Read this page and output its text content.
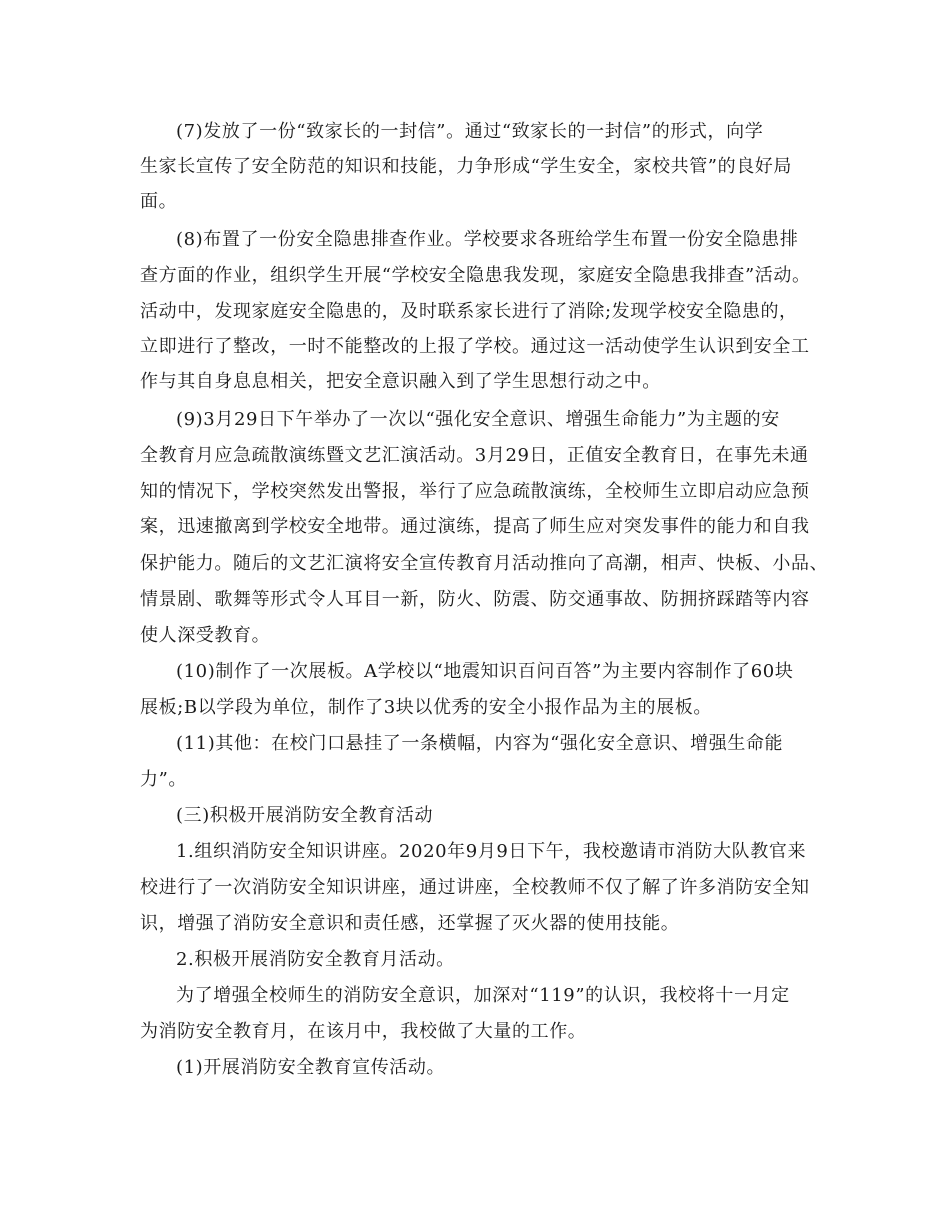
(7)发放了一份“致家长的一封信”。通过“致家长的一封信”的形式，向学
生家长宣传了安全防范的知识和技能，力争形成“学生安全，家校共管”的良好局
面。
(8)布置了一份安全隐患排查作业。学校要求各班给学生布置一份安全隐患排
查方面的作业，组织学生开展“学校安全隐患我发现，家庭安全隐患我排查”活动。
活动中，发现家庭安全隐患的，及时联系家长进行了消除;发现学校安全隐患的，
立即进行了整改，一时不能整改的上报了学校。通过这一活动使学生认识到安全工
作与其自身息息相关，把安全意识融入到了学生思想行动之中。
(9)3月29日下午举办了一次以“强化安全意识、增强生命能力”为主题的安
全教育月应急疏散演练暨文艺汇演活动。3月29日，正值安全教育日，在事先未通
知的情况下，学校突然发出警报，举行了应急疏散演练，全校师生立即启动应急预
案，迅速撤离到学校安全地带。通过演练，提高了师生应对突发事件的能力和自我
保护能力。随后的文艺汇演将安全宣传教育月活动推向了高潮，相声、快板、小品、
情景剧、歌舞等形式令人耳目一新，防火、防震、防交通事故、防拥挤踩踏等内容
使人深受教育。
(10)制作了一次展板。A学校以“地震知识百问百答”为主要内容制作了60块
展板;B以学段为单位，制作了3块以优秀的安全小报作品为主的展板。
(11)其他：在校门口悬挂了一条横幅，内容为“强化安全意识、增强生命能
力”。
(三)积极开展消防安全教育活动
1.组织消防安全知识讲座。2020年9月9日下午，我校邀请市消防大队教官来
校进行了一次消防安全知识讲座，通过讲座，全校教师不仅了解了许多消防安全知
识，增强了消防安全意识和责任感，还掌握了灭火器的使用技能。
2.积极开展消防安全教育月活动。
为了增强全校师生的消防安全意识，加深对“119”的认识，我校将十一月定
为消防安全教育月，在该月中，我校做了大量的工作。
(1)开展消防安全教育宣传活动。
